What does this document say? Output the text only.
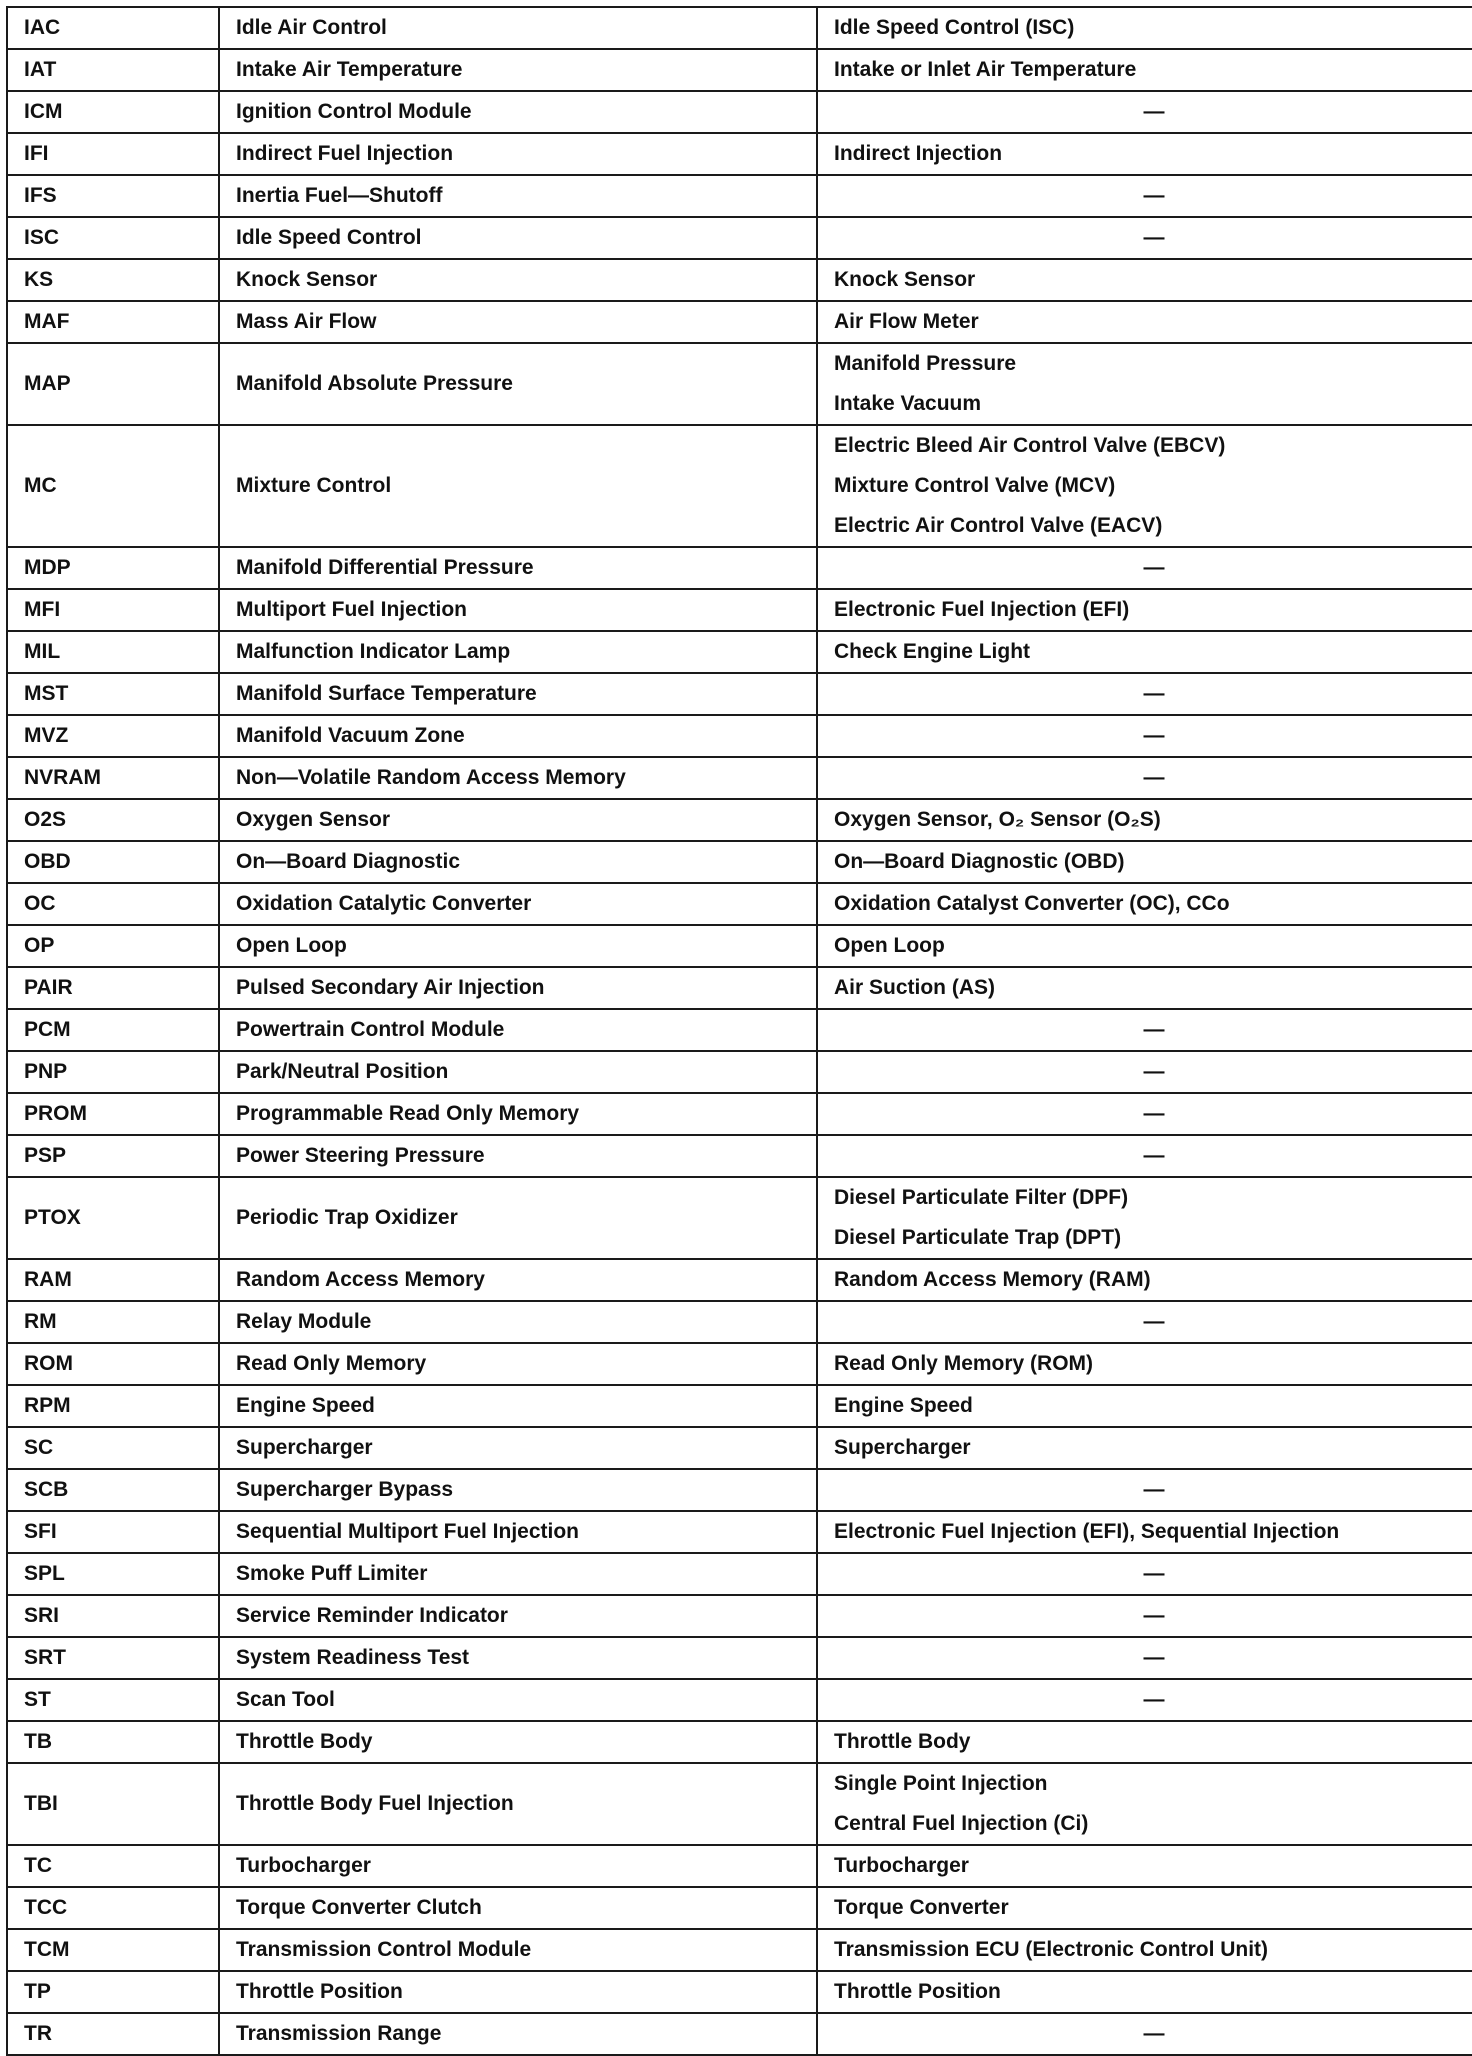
IAC	Idle Air Control	Idle Speed Control (ISC)

IAT	Intake Air Temperature	Intake or Inlet Air Temperature

ICM	Ignition Control Module	—

IFI	Indirect Fuel Injection	Indirect Injection

IFS	Inertia Fuel—Shutoff	—

ISC	Idle Speed Control	—

KS	Knock Sensor	Knock Sensor

MAF	Mass Air Flow	Air Flow Meter

MAP	Manifold Absolute Pressure	Manifold Pressure
Intake Vacuum

MC	Mixture Control	Electric Bleed Air Control Valve (EBCV)
Mixture Control Valve (MCV)
Electric Air Control Valve (EACV)

MDP	Manifold Differential Pressure	—

MFI	Multiport Fuel Injection	Electronic Fuel Injection (EFI)

MIL	Malfunction Indicator Lamp	Check Engine Light

MST	Manifold Surface Temperature	—

MVZ	Manifold Vacuum Zone	—

NVRAM	Non—Volatile Random Access Memory	—

O2S	Oxygen Sensor	Oxygen Sensor, O₂ Sensor (O₂S)

OBD	On—Board Diagnostic	On—Board Diagnostic (OBD)

OC	Oxidation Catalytic Converter	Oxidation Catalyst Converter (OC), CCo

OP	Open Loop	Open Loop

PAIR	Pulsed Secondary Air Injection	Air Suction (AS)

PCM	Powertrain Control Module	—

PNP	Park/Neutral Position	—

PROM	Programmable Read Only Memory	—

PSP	Power Steering Pressure	—

PTOX	Periodic Trap Oxidizer	Diesel Particulate Filter (DPF)
Diesel Particulate Trap (DPT)

RAM	Random Access Memory	Random Access Memory (RAM)

RM	Relay Module	—

ROM	Read Only Memory	Read Only Memory (ROM)

RPM	Engine Speed	Engine Speed

SC	Supercharger	Supercharger

SCB	Supercharger Bypass	—

SFI	Sequential Multiport Fuel Injection	Electronic Fuel Injection (EFI), Sequential Injection

SPL	Smoke Puff Limiter	—

SRI	Service Reminder Indicator	—

SRT	System Readiness Test	—

ST	Scan Tool	—

TB	Throttle Body	Throttle Body

TBI	Throttle Body Fuel Injection	Single Point Injection
Central Fuel Injection (Ci)

TC	Turbocharger	Turbocharger

TCC	Torque Converter Clutch	Torque Converter

TCM	Transmission Control Module	Transmission ECU (Electronic Control Unit)

TP	Throttle Position	Throttle Position

TR	Transmission Range	—
